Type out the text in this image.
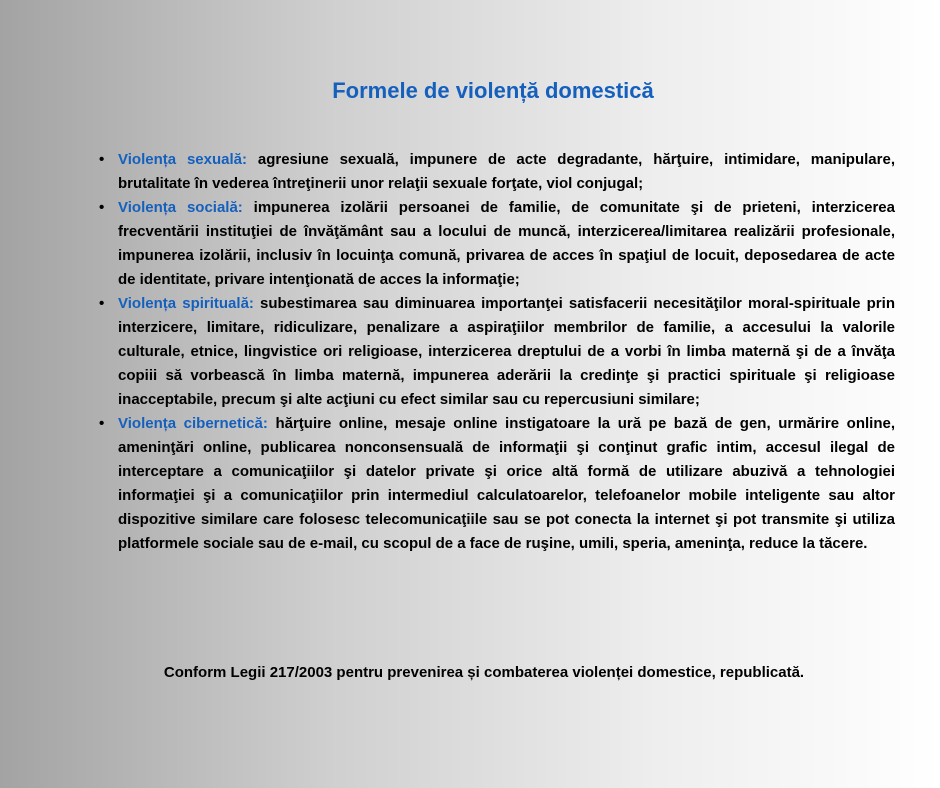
Formele de violență domestică
• Violența sexuală: agresiune sexuală, impunere de acte degradante, hărţuire, intimidare, manipulare, brutalitate în vederea întreţinerii unor relaţii sexuale forţate, viol conjugal;
• Violența socială: impunerea izolării persoanei de familie, de comunitate şi de prieteni, interzicerea frecventării instituţiei de învăţământ sau a locului de muncă, interzicerea/limitarea realizării profesionale, impunerea izolării, inclusiv în locuinţa comună, privarea de acces în spaţiul de locuit, deposedarea de acte de identitate, privare intenţionată de acces la informaţie;
• Violența spirituală: subestimarea sau diminuarea importanţei satisfacerii necesităţilor moral-spirituale prin interzicere, limitare, ridiculizare, penalizare a aspiraţiilor membrilor de familie, a accesului la valorile culturale, etnice, lingvistice ori religioase, interzicerea dreptului de a vorbi în limba maternă şi de a învăţa copiii să vorbească în limba maternă, impunerea aderării la credinţe şi practici spirituale şi religioase inacceptabile, precum şi alte acţiuni cu efect similar sau cu repercusiuni similare;
• Violența cibernetică: hărţuire online, mesaje online instigatoare la ură pe bază de gen, urmărire online, ameninţări online, publicarea nonconsensuală de informaţii şi conţinut grafic intim, accesul ilegal de interceptare a comunicaţiilor şi datelor private şi orice altă formă de utilizare abuzivă a tehnologiei informaţiei şi a comunicaţiilor prin intermediul calculatoarelor, telefoanelor mobile inteligente sau altor dispozitive similare care folosesc telecomunicaţiile sau se pot conecta la internet şi pot transmite şi utiliza platformele sociale sau de e-mail, cu scopul de a face de ruşine, umili, speria, ameninţa, reduce la tăcere.
Conform Legii 217/2003 pentru prevenirea și combaterea violenței domestice, republicată.
